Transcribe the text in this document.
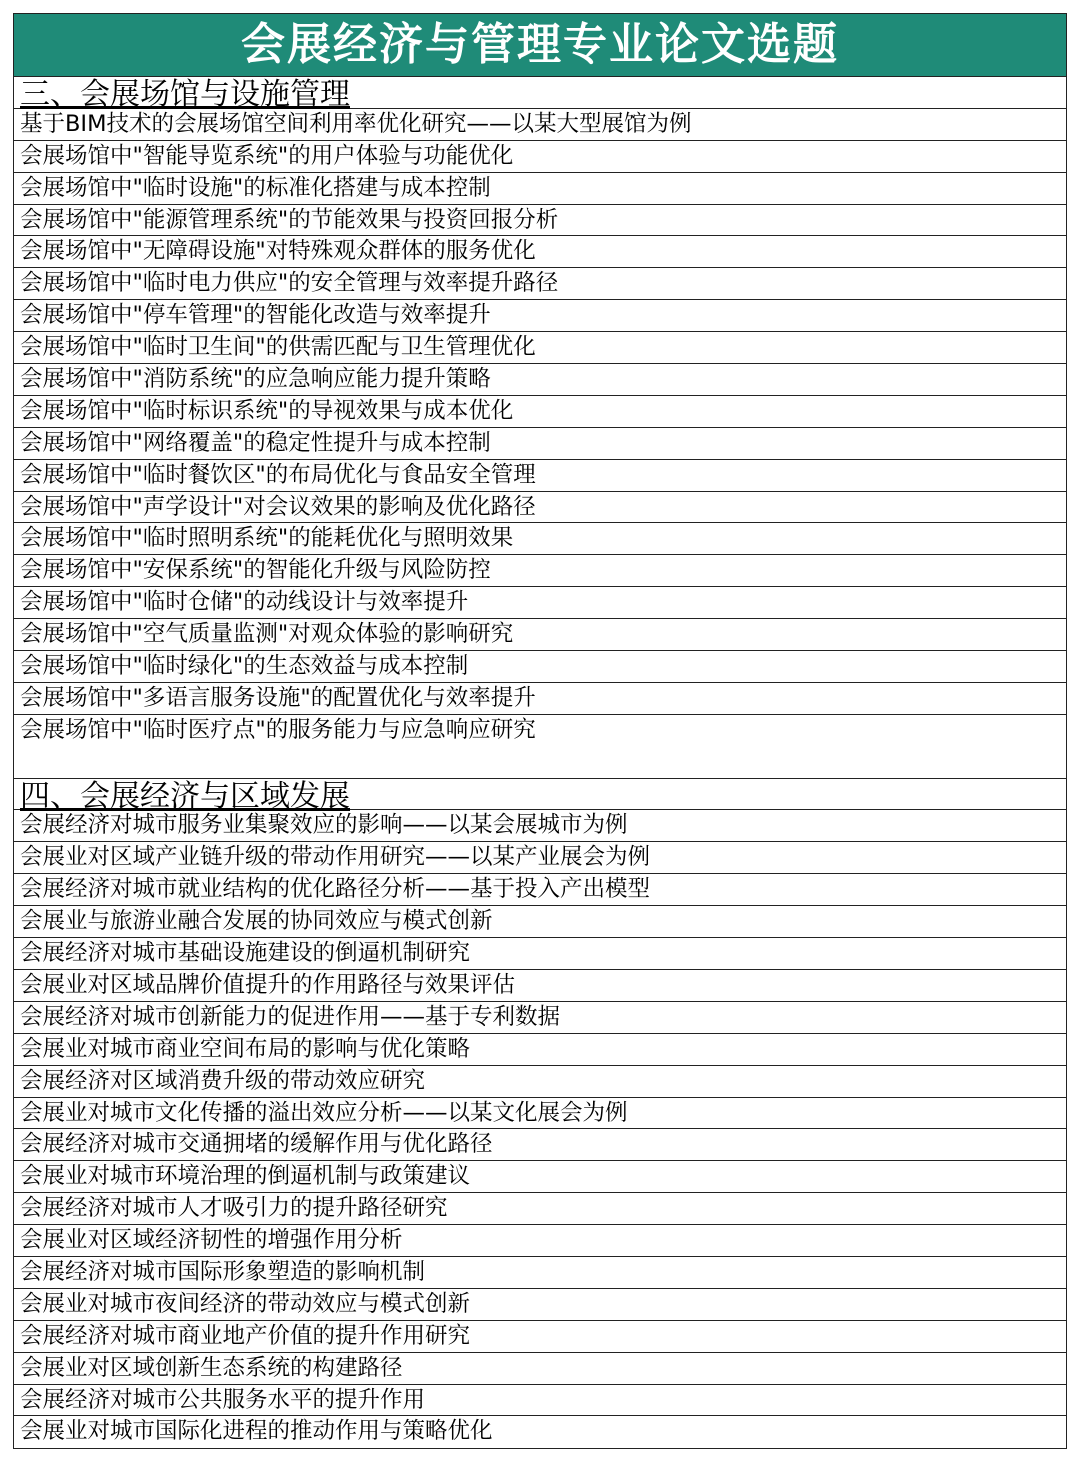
会展经济与管理专业论文选题
三、会展场馆与设施管理
基于BIM技术的会展场馆空间利用率优化研究——以某大型展馆为例
会展场馆中"智能导览系统"的用户体验与功能优化
会展场馆中"临时设施"的标准化搭建与成本控制
会展场馆中"能源管理系统"的节能效果与投资回报分析
会展场馆中"无障碍设施"对特殊观众群体的服务优化
会展场馆中"临时电力供应"的安全管理与效率提升路径
会展场馆中"停车管理"的智能化改造与效率提升
会展场馆中"临时卫生间"的供需匹配与卫生管理优化
会展场馆中"消防系统"的应急响应能力提升策略
会展场馆中"临时标识系统"的导视效果与成本优化
会展场馆中"网络覆盖"的稳定性提升与成本控制
会展场馆中"临时餐饮区"的布局优化与食品安全管理
会展场馆中"声学设计"对会议效果的影响及优化路径
会展场馆中"临时照明系统"的能耗优化与照明效果
会展场馆中"安保系统"的智能化升级与风险防控
会展场馆中"临时仓储"的动线设计与效率提升
会展场馆中"空气质量监测"对观众体验的影响研究
会展场馆中"临时绿化"的生态效益与成本控制
会展场馆中"多语言服务设施"的配置优化与效率提升
会展场馆中"临时医疗点"的服务能力与应急响应研究
四、会展经济与区域发展
会展经济对城市服务业集聚效应的影响——以某会展城市为例
会展业对区域产业链升级的带动作用研究——以某产业展会为例
会展经济对城市就业结构的优化路径分析——基于投入产出模型
会展业与旅游业融合发展的协同效应与模式创新
会展经济对城市基础设施建设的倒逼机制研究
会展业对区域品牌价值提升的作用路径与效果评估
会展经济对城市创新能力的促进作用——基于专利数据
会展业对城市商业空间布局的影响与优化策略
会展经济对区域消费升级的带动效应研究
会展业对城市文化传播的溢出效应分析——以某文化展会为例
会展经济对城市交通拥堵的缓解作用与优化路径
会展业对城市环境治理的倒逼机制与政策建议
会展经济对城市人才吸引力的提升路径研究
会展业对区域经济韧性的增强作用分析
会展经济对城市国际形象塑造的影响机制
会展业对城市夜间经济的带动效应与模式创新
会展经济对城市商业地产价值的提升作用研究
会展业对区域创新生态系统的构建路径
会展经济对城市公共服务水平的提升作用
会展业对城市国际化进程的推动作用与策略优化
